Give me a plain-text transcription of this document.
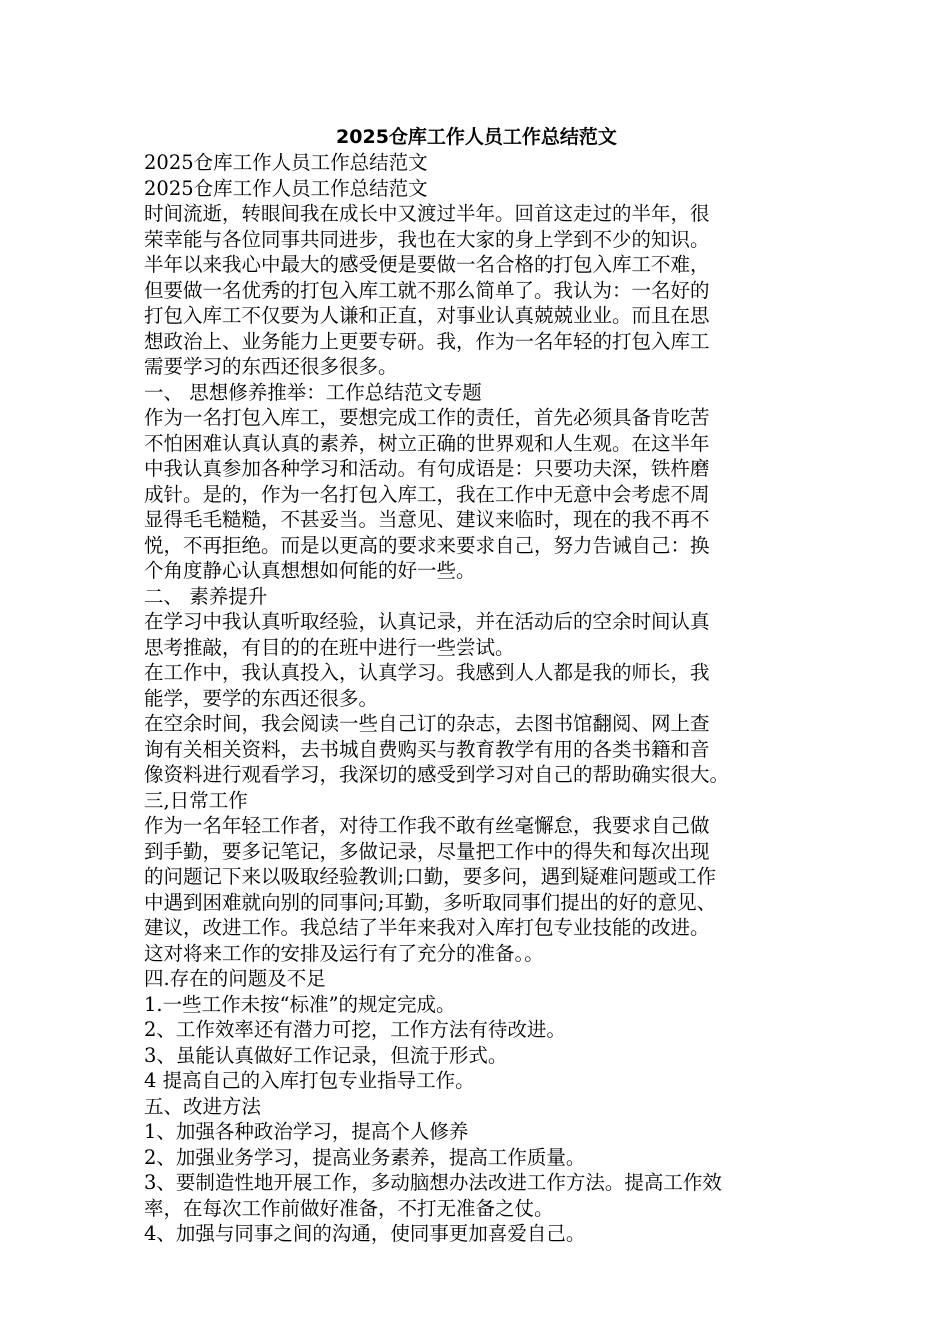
2025仓库工作人员工作总结范文
2025仓库工作人员工作总结范文
2025仓库工作人员工作总结范文
时间流逝，转眼间我在成长中又渡过半年。回首这走过的半年，很
荣幸能与各位同事共同进步，我也在大家的身上学到不少的知识。
半年以来我心中最大的感受便是要做一名合格的打包入库工不难，
但要做一名优秀的打包入库工就不那么简单了。我认为：一名好的
打包入库工不仅要为人谦和正直，对事业认真兢兢业业。而且在思
想政治上、业务能力上更要专研。我，作为一名年轻的打包入库工
需要学习的东西还很多很多。
一、 思想修养推举：工作总结范文专题
作为一名打包入库工，要想完成工作的责任，首先必须具备肯吃苦
不怕困难认真认真的素养，树立正确的世界观和人生观。在这半年
中我认真参加各种学习和活动。有句成语是：只要功夫深，铁杵磨
成针。是的，作为一名打包入库工，我在工作中无意中会考虑不周
显得毛毛糙糙，不甚妥当。当意见、建议来临时，现在的我不再不
悦，不再拒绝。而是以更高的要求来要求自己，努力告诫自己：换
个角度静心认真想想如何能的好一些。
二、 素养提升
在学习中我认真听取经验，认真记录，并在活动后的空余时间认真
思考推敲，有目的的在班中进行一些尝试。
在工作中，我认真投入，认真学习。我感到人人都是我的师长，我
能学，要学的东西还很多。
在空余时间，我会阅读一些自己订的杂志，去图书馆翻阅、网上查
询有关相关资料，去书城自费购买与教育教学有用的各类书籍和音
像资料进行观看学习，我深切的感受到学习对自己的帮助确实很大。
三,日常工作
作为一名年轻工作者，对待工作我不敢有丝毫懈怠，我要求自己做
到手勤，要多记笔记，多做记录，尽量把工作中的得失和每次出现
的问题记下来以吸取经验教训;口勤，要多问，遇到疑难问题或工作
中遇到困难就向别的同事问;耳勤，多听取同事们提出的好的意见、
建议，改进工作。我总结了半年来我对入库打包专业技能的改进。
这对将来工作的安排及运行有了充分的准备。。
四.存在的问题及不足
1.一些工作未按“标准”的规定完成。
2、工作效率还有潜力可挖，工作方法有待改进。
3、虽能认真做好工作记录，但流于形式。
4 提高自己的入库打包专业指导工作。
五、改进方法
1、加强各种政治学习，提高个人修养
2、加强业务学习，提高业务素养，提高工作质量。
3、要制造性地开展工作，多动脑想办法改进工作方法。提高工作效
率，在每次工作前做好准备，不打无准备之仗。
4、加强与同事之间的沟通，使同事更加喜爱自己。
